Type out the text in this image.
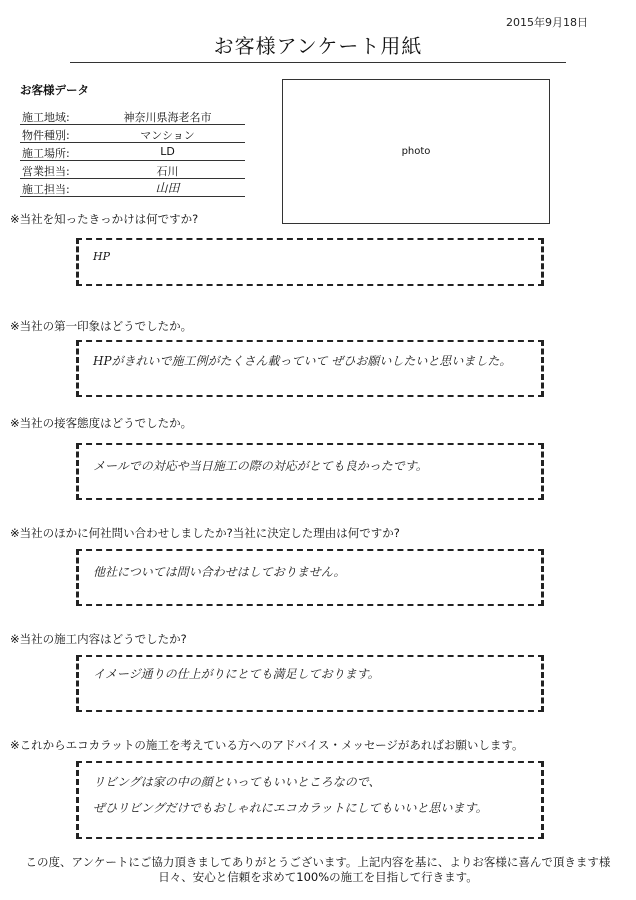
2015年9月18日
お客様アンケート用紙
お客様データ
施工地域:	神奈川県海老名市
物件種別:	マンション
施工場所:	LD
営業担当:	石川
施工担当:	山田
photo
※当社を知ったきっかけは何ですか?
HP
※当社の第一印象はどうでしたか。
HPがきれいで施工例がたくさん載っていて ぜひお願いしたいと思いました。
※当社の接客態度はどうでしたか。
メールでの対応や当日施工の際の対応がとても良かったです。
※当社のほかに何社問い合わせしましたか?当社に決定した理由は何ですか?
他社については問い合わせはしておりません。
※当社の施工内容はどうでしたか?
イメージ通りの仕上がりにとても満足しております。
※これからエコカラットの施工を考えている方へのアドバイス・メッセージがあればお願いします。
リビングは家の中の顔といってもいいところなので、
ぜひリビングだけでもおしゃれにエコカラットにしてもいいと思います。
この度、アンケートにご協力頂きましてありがとうございます。上記内容を基に、よりお客様に喜んで頂きます様
日々、安心と信頼を求めて100%の施工を目指して行きます。
